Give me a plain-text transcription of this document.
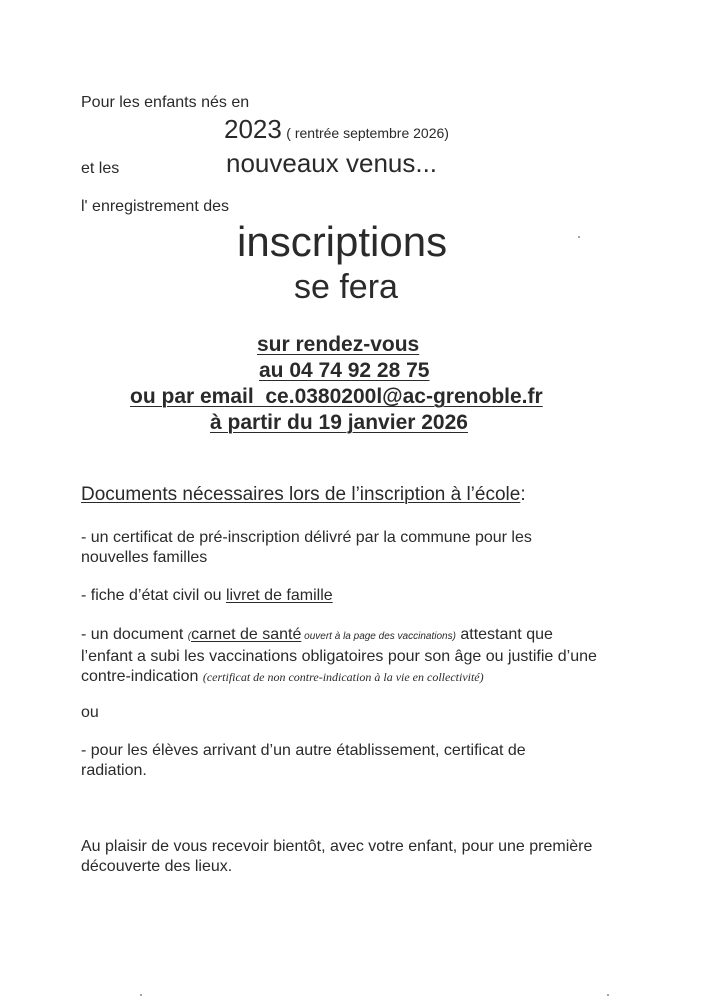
Pour les enfants nés en
2023 ( rentrée septembre 2026)
et les	nouveaux venus...
l' enregistrement des
inscriptions
se fera
sur rendez-vous
au 04 74 92 28 75
ou par email  ce.0380200l@ac-grenoble.fr
à partir du 19 janvier 2026
Documents nécessaires lors de l’inscription à l’école:
- un certificat de pré-inscription délivré par la commune pour les nouvelles familles
- fiche d’état civil ou livret de famille
- un document (carnet de santé ouvert à la page des vaccinations) attestant que l’enfant a subi les vaccinations obligatoires pour son âge ou justifie d’une contre-indication (certificat de non contre-indication à la vie en collectivité)
ou
- pour les élèves arrivant d’un autre établissement, certificat de radiation.
Au plaisir de vous recevoir bientôt, avec votre enfant, pour une première découverte des lieux.
